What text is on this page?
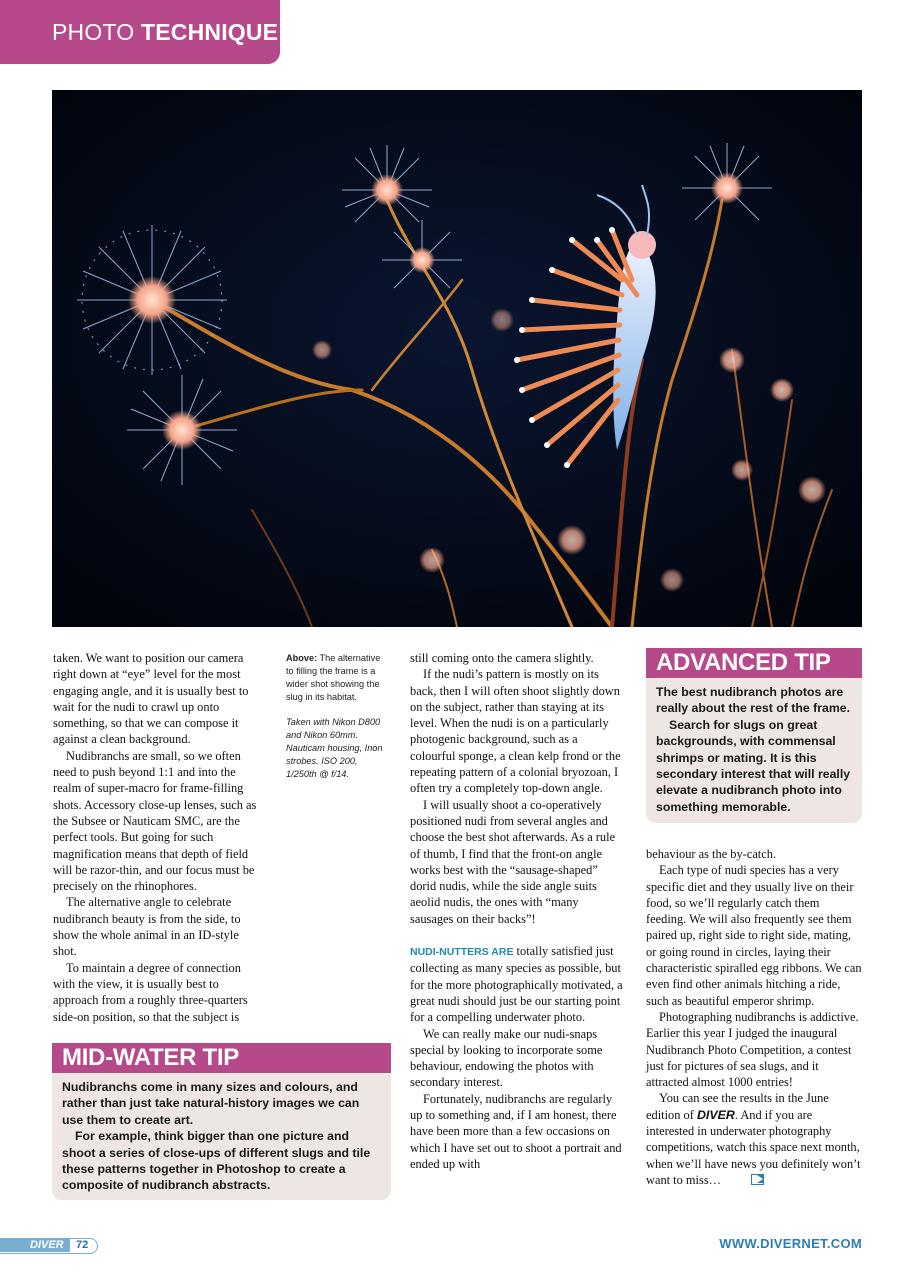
PHOTO TECHNIQUE

taken. We want to position our camera right down at “eye” level for the most engaging angle, and it is usually best to wait for the nudi to crawl up onto something, so that we can compose it against a clean background.

Nudibranchs are small, so we often need to push beyond 1:1 and into the realm of super-macro for frame-filling shots. Accessory close-up lenses, such as the Subsee or Nauticam SMC, are the perfect tools. But going for such magnification means that depth of field will be razor-thin, and our focus must be precisely on the rhinophores.

The alternative angle to celebrate nudibranch beauty is from the side, to show the whole animal in an ID-style shot.

To maintain a degree of connection with the view, it is usually best to approach from a roughly three-quarters side-on position, so that the subject is

Above: The alternative to filling the frame is a wider shot showing the slug in its habitat.
Taken with Nikon D800 and Nikon 60mm. Nauticam housing, Inon strobes. ISO 200, 1/250th @ f/14.

still coming onto the camera slightly.

If the nudi’s pattern is mostly on its back, then I will often shoot slightly down on the subject, rather than staying at its level. When the nudi is on a particularly photogenic background, such as a colourful sponge, a clean kelp frond or the repeating pattern of a colonial bryozoan, I often try a completely top-down angle.

I will usually shoot a co-operatively positioned nudi from several angles and choose the best shot afterwards. As a rule of thumb, I find that the front-on angle works best with the “sausage-shaped” dorid nudis, while the side angle suits aeolid nudis, the ones with “many sausages on their backs”!

NUDI-NUTTERS ARE totally satisfied just collecting as many species as possible, but for the more photographically motivated, a great nudi should just be our starting point for a compelling underwater photo.

We can really make our nudi-snaps special by looking to incorporate some behaviour, endowing the photos with secondary interest.

Fortunately, nudibranchs are regularly up to something and, if I am honest, there have been more than a few occasions on which I have set out to shoot a portrait and ended up with

ADVANCED TIP

The best nudibranch photos are really about the rest of the frame.

Search for slugs on great backgrounds, with commensal shrimps or mating. It is this secondary interest that will really elevate a nudibranch photo into something memorable.

behaviour as the by-catch.

Each type of nudi species has a very specific diet and they usually live on their food, so we’ll regularly catch them feeding. We will also frequently see them paired up, right side to right side, mating, or going round in circles, laying their characteristic spiralled egg ribbons. We can even find other animals hitching a ride, such as beautiful emperor shrimp.

Photographing nudibranchs is addictive. Earlier this year I judged the inaugural Nudibranch Photo Competition, a contest just for pictures of sea slugs, and it attracted almost 1000 entries!

You can see the results in the June edition of DIVER. And if you are interested in underwater photography competitions, watch this space next month, when we’ll have news you definitely won’t want to miss…

MID-WATER TIP

Nudibranchs come in many sizes and colours, and rather than just take natural-history images we can use them to create art.

For example, think bigger than one picture and shoot a series of close-ups of different slugs and tile these patterns together in Photoshop to create a composite of nudibranch abstracts.

DIVER	72	WWW.DIVERNET.COM
